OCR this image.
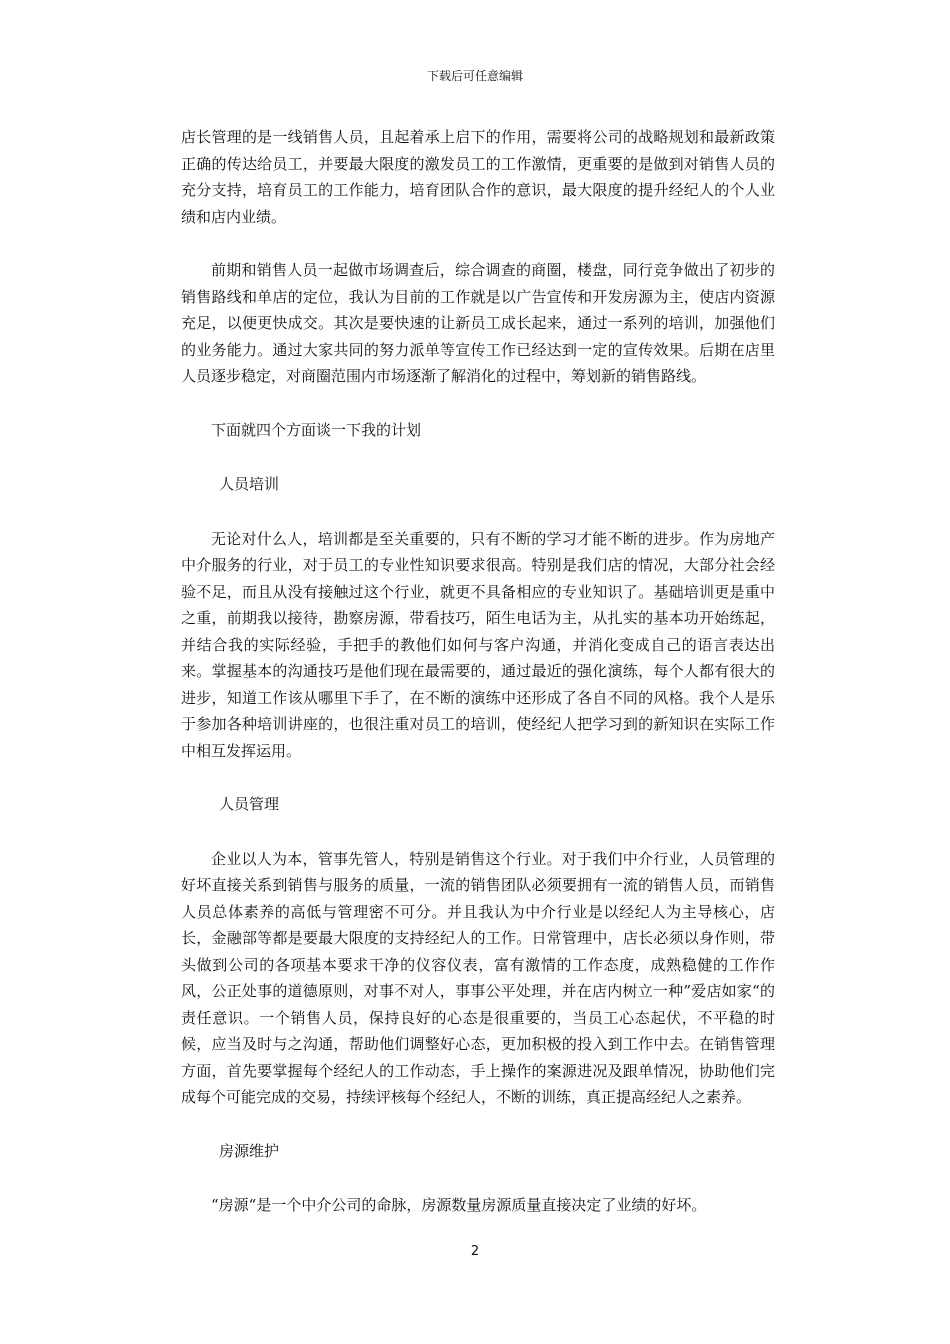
下载后可任意编辑

店长管理的是一线销售人员，且起着承上启下的作用，需要将公司的战略规划和最新政策正确的传达给员工，并要最大限度的激发员工的工作激情，更重要的是做到对销售人员的充分支持，培育员工的工作能力，培育团队合作的意识，最大限度的提升经纪人的个人业绩和店内业绩。

前期和销售人员一起做市场调查后，综合调查的商圈，楼盘，同行竞争做出了初步的销售路线和单店的定位，我认为目前的工作就是以广告宣传和开发房源为主，使店内资源充足，以便更快成交。其次是要快速的让新员工成长起来，通过一系列的培训，加强他们的业务能力。通过大家共同的努力派单等宣传工作已经达到一定的宣传效果。后期在店里人员逐步稳定，对商圈范围内市场逐渐了解消化的过程中，筹划新的销售路线。

下面就四个方面谈一下我的计划

人员培训

无论对什么人，培训都是至关重要的，只有不断的学习才能不断的进步。作为房地产中介服务的行业，对于员工的专业性知识要求很高。特别是我们店的情况，大部分社会经验不足，而且从没有接触过这个行业，就更不具备相应的专业知识了。基础培训更是重中之重，前期我以接待，勘察房源，带看技巧，陌生电话为主，从扎实的基本功开始练起，并结合我的实际经验，手把手的教他们如何与客户沟通，并消化变成自己的语言表达出来。掌握基本的沟通技巧是他们现在最需要的，通过最近的强化演练，每个人都有很大的进步，知道工作该从哪里下手了，在不断的演练中还形成了各自不同的风格。我个人是乐于参加各种培训讲座的，也很注重对员工的培训，使经纪人把学习到的新知识在实际工作中相互发挥运用。

人员管理

企业以人为本，管事先管人，特别是销售这个行业。对于我们中介行业，人员管理的好坏直接关系到销售与服务的质量，一流的销售团队必须要拥有一流的销售人员，而销售人员总体素养的高低与管理密不可分。并且我认为中介行业是以经纪人为主导核心，店长，金融部等都是要最大限度的支持经纪人的工作。日常管理中，店长必须以身作则，带头做到公司的各项基本要求干净的仪容仪表，富有激情的工作态度，成熟稳健的工作作风，公正处事的道德原则，对事不对人，事事公平处理，并在店内树立一种”爱店如家“的责任意识。一个销售人员，保持良好的心态是很重要的，当员工心态起伏，不平稳的时候，应当及时与之沟通，帮助他们调整好心态，更加积极的投入到工作中去。在销售管理方面，首先要掌握每个经纪人的工作动态，手上操作的案源进况及跟单情况，协助他们完成每个可能完成的交易，持续评核每个经纪人，不断的训练，真正提高经纪人之素养。

房源维护

“房源“是一个中介公司的命脉，房源数量房源质量直接决定了业绩的好坏。

2
